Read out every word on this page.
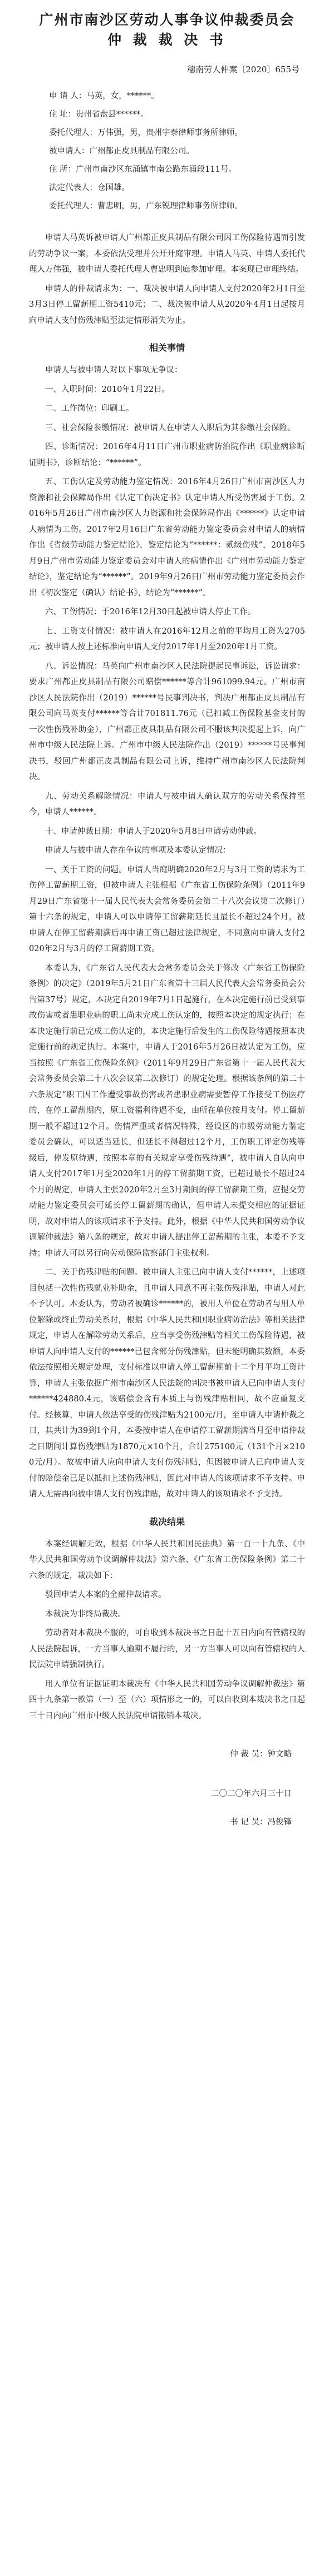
广州市南沙区劳动人事争议仲裁委员会
仲 裁 裁 决 书

穗南劳人仲案〔2020〕655号

申 请 人：马英，女，******。

住 址：贵州省盘县******。

委托代理人：万伟强，男，贵州宇泰律师事务所律师。

被申请人：广州都正皮具制品有限公司。

住 所：广州市南沙区东涌镇市南公路东涌段111号。

法定代表人：仓国雄。

委托代理人：曹忠明，男，广东锐理律师事务所律师。

申请人马英诉被申请人广州都正皮具制品有限公司因工伤保险待遇而引发的劳动争议一案，本委依法受理并公开开庭审理。申请人马英、申请人委托代理人万伟强，被申请人委托代理人曹忠明到庭参加审理。本案现已审理终结。

申请人的仲裁请求为：一、裁决被申请人向申请人支付2020年2月1日至3月3日停工留薪期工资5410元；二、裁决被申请人从2020年4月1日起按月向申请人支付伤残津贴至法定情形消失为止。

相关事情

申请人与被申请人对以下事项无争议：

一、入职时间：2010年1月22日。

二、工作岗位：印刷工。

三、社会保险参缴情况：被申请人在申请人入职后为其参缴社会保险。

四、诊断情况：2016年4月11日广州市职业病防治院作出《职业病诊断证明书》，诊断结论：“******”。

五、工伤认定及劳动能力鉴定情况：2016年4月26日广州市南沙区人力资源和社会保障局作出《认定工伤决定书》认定申请人所受伤害属于工伤。2016年5月26日广州市南沙区人力资源和社会保障局作出《******》认定申请人病情为工伤。2017年2月16日广东省劳动能力鉴定委员会对申请人的病情作出《省级劳动能力鉴定结论》，鉴定结论为“******：贰级伤残”，2018年5月9日广州市劳动能力鉴定委员会对申请人的病情作出《广州市劳动能力鉴定结论》，鉴定结论为“******”。2019年9月26日广州市劳动能力鉴定委员会作出《初次鉴定（确认）结论书》，结论为“******”。

六、工伤情况：于2016年12月30日起被申请人停止工作。

七、工资支付情况：被申请人在2016年12月之前的平均月工资为2705元；被申请人按上述标准向申请人支付2017年1月至2020年1月工资。

八、诉讼情况：马英向广州市南沙区人民法院提起民事诉讼，诉讼请求：要求广州都正皮具制品有限公司赔偿******等合计961099.94元。广州市南沙区人民法院作出（2019）******号民事判决书，判决广州都正皮具制品有限公司向马英支付******等合计701811.76元（已扣减工伤保险基金支付的一次性伤残补助金），广州都正皮具制品有限公司不服该判决提起上诉，向广州市中级人民法院上诉。广州市中级人民法院作出（2019）******号民事判决书，驳回广州都正皮具制品有限公司上诉，维持广州市南沙区人民法院判决。

九、劳动关系解除情况：申请人与被申请人确认双方的劳动关系保持至今，申请人******。

十、申请仲裁日期：申请人于2020年5月8日申请劳动仲裁。

申请人与被申请人存在争议的事项及本委认定情况：

一、关于工资的问题。申请人当庭明确2020年2月与3月工资的请求为工伤停工留薪期工资，但被申请人主张根据《广东省工伤保险条例》（2011年9月29日广东省第十一届人民代表大会常务委员会第二十八次会议第二次修订）第十六条的规定，申请人可以申请停工留薪期延长且最长不超过24个月，被申请人在停工留薪期满后再申请工资已超过法律规定，不同意向申请人支付2020年2月与3月的停工留薪期工资。

本委认为，《广东省人民代表大会常务委员会关于修改〈广东省工伤保险条例〉的决定》（2019年5月21日广东省第十三届人民代表大会常务委员会公告第37号）规定，本决定自2019年7月1日起施行，在本决定施行前已受到事故伤害或者患职业病的职工尚未完成工伤认定的，按照本决定的规定执行；在本决定施行前已完成工伤认定的，本决定施行后发生的工伤保险待遇按照本决定施行前的规定执行。本案中，申请人于2016年5月26日被认定为工伤，应当按照《广东省工伤保险条例》（2011年9月29日广东省第十一届人民代表大会常务委员会第二十八次会议第二次修订）的规定处理。根据该条例的第二十六条规定“职工因工作遭受事故伤害或者患职业病需要暂停工作接受工伤医疗的，在停工留薪期内，原工资福利待遇不变，由所在单位按月支付。停工留薪期一般不超过12个月。伤情严重或者情况特殊，经设区的市级劳动能力鉴定委员会确认，可以适当延长，但延长不得超过12个月，工伤职工评定伤残等级后，停发原待遇，按照本章的有关规定享受伤残待遇”，被申请人自认向申请人支付2017年1月至2020年1月的停工留薪期工资，已超过最长不超过24个月的规定，申请人主张2020年2月至3月期间的停工留薪期工资，应提交劳动能力鉴定委员会可延长停工留薪期的确认，但申请人未提交相应的证据证明，故对申请人的该项请求不予支持。此外，根据《中华人民共和国劳动争议调解仲裁法》第八条的规定，故对申请人提出停工留薪期的主张，本委不予支持；申请人可以另行向劳动保障监察部门主张权利。

二、关于伤残津贴的问题。被申请人主张已向申请人支付******，上述项目包括一次性伤残就业补助金，且申请人同意不再主张伤残津贴，申请人对此不予认可。本委认为，劳动者被确诊******的，被用人单位在劳动者与用人单位解除或终止劳动关系时，根据《中华人民共和国职业病防治法》等相关法律规定，申请人在解除劳动关系后，应当享受伤残津贴等相关工伤保险待遇，被申请人向申请人支付的******已包含部分伤残津贴，但未能明确其数额，本委依法按照相关规定处理，支付标准以申请人停工留薪期前十二个月平均工资计算，申请人主张依据广州市南沙区人民法院的判决书被申请人已向申请人支付******424880.4元，该赔偿金含有本质上与伤残津贴相同，故不应重复支付。经核算，申请人依法享受的伤残津贴为2100元/月，至申请人申请仲裁之日，其共计为39到1个月，本委按申请人在申请停工留薪期满当月至申请仲裁之日期间计算伤残津贴为1870元×10个月，合计275100元（131个月×2100元/月）。故被申请人应向申请人支付伤残津贴，但因被申请人已向申请人支付的赔偿金已足以抵扣上述伤残津贴，因此对申请人的该项请求不予支持。申请人无需再向被申请人支付伤残津贴，故对申请人的该项请求不予支持。

裁决结果

本案经调解无效，根据《中华人民共和国民法典》第一百一十九条、《中华人民共和国劳动争议调解仲裁法》第六条、《广东省工伤保险条例》第二十六条的规定，裁决如下：

驳回申请人本案的全部仲裁请求。

本裁决为非终局裁决。

劳动者对本裁决不服的，可自收到本裁决书之日起十五日内向有管辖权的人民法院起诉，一方当事人逾期不履行的，另一方当事人可以向有管辖权的人民法院申请强制执行。

用人单位有证据证明本裁决有《中华人民共和国劳动争议调解仲裁法》第四十九条第一款第（一）至（六）项情形之一的，可以自收到本裁决书之日起三十日内向广州市中级人民法院申请撤销本裁决。

仲 裁 员：钟文略

二〇二〇年六月三十日

书 记 员：冯俊锋
